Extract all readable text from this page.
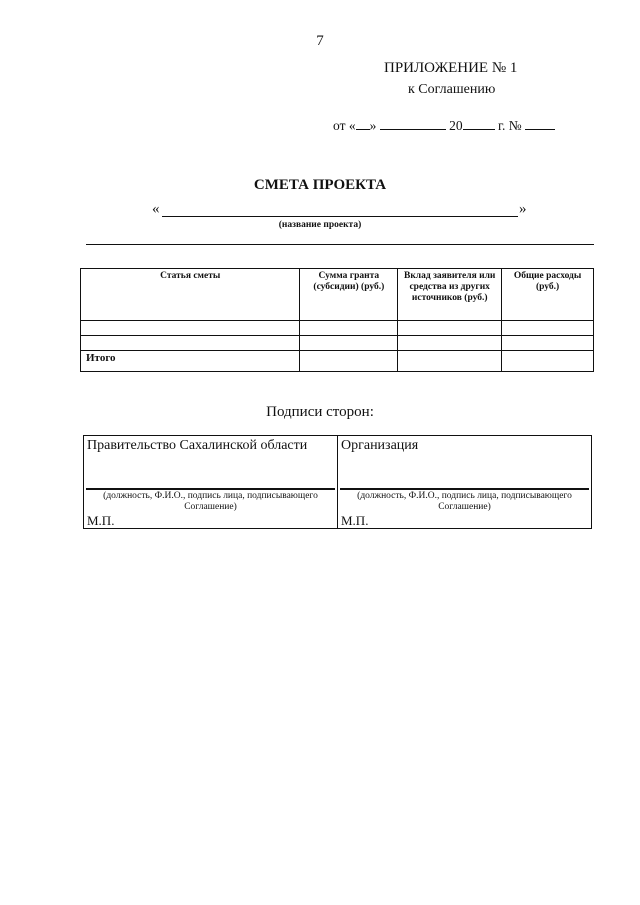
7
ПРИЛОЖЕНИЕ № 1
к Соглашению
от « »	20	г. №
СМЕТА ПРОЕКТА
«	»
(название проекта)
Статья сметы	Сумма гранта (субсидии) (руб.)	Вклад заявителя или средства из других источников (руб.)	Общие расходы (руб.)

Итого			
Подписи сторон:
Правительство Сахалинской области
(должность, Ф.И.О., подпись лица, подписывающего Соглашение)
М.П.

Организация
(должность, Ф.И.О., подпись лица, подписывающего Соглашение)
М.П.
